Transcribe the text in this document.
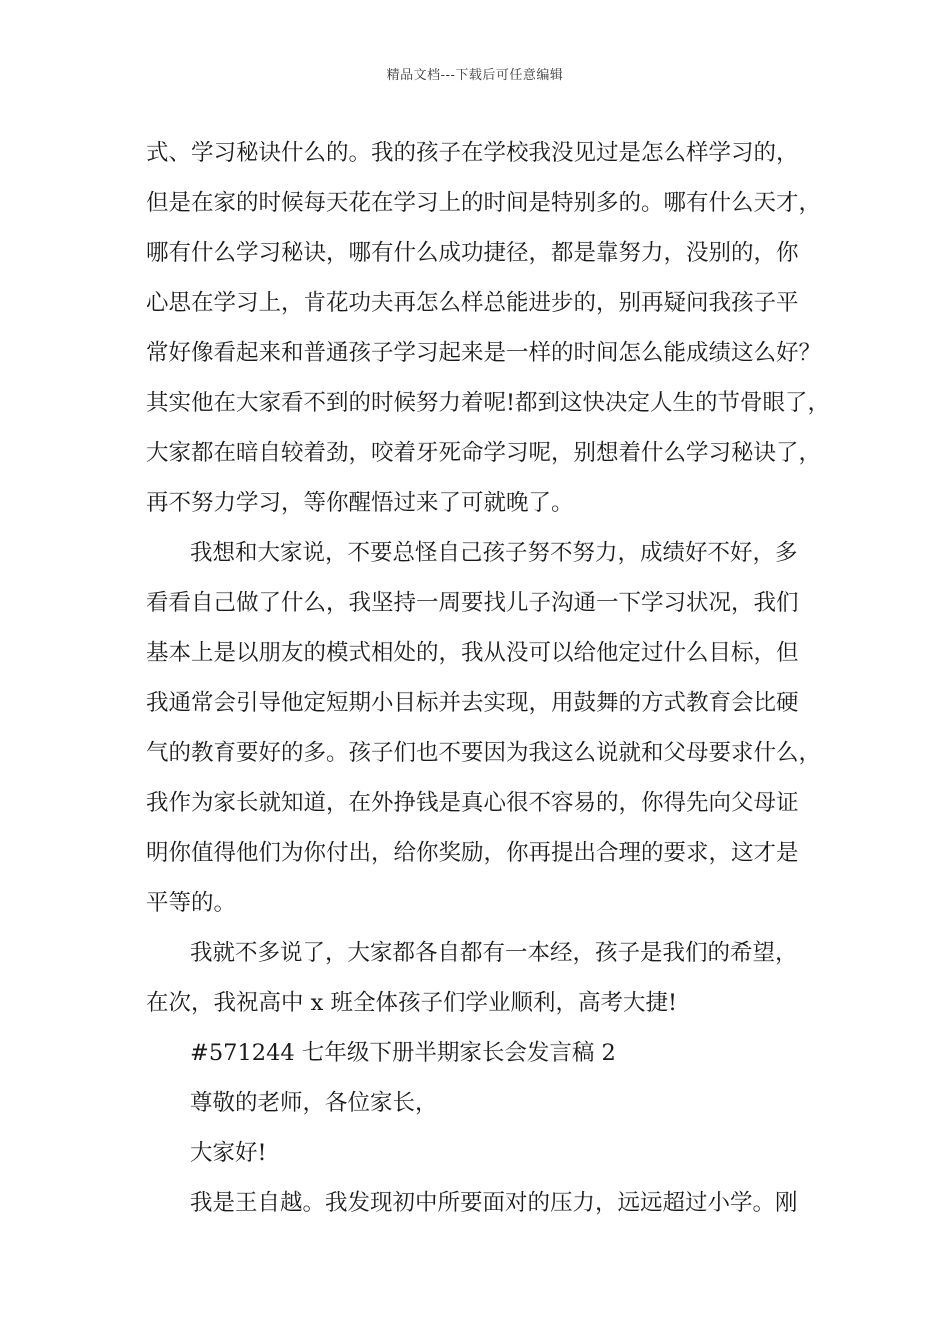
精品文档---下载后可任意编辑
式、学习秘诀什么的。我的孩子在学校我没见过是怎么样学习的，
但是在家的时候每天花在学习上的时间是特别多的。哪有什么天才，
哪有什么学习秘诀，哪有什么成功捷径，都是靠努力，没别的，你
心思在学习上，肯花功夫再怎么样总能进步的，别再疑问我孩子平
常好像看起来和普通孩子学习起来是一样的时间怎么能成绩这么好？
其实他在大家看不到的时候努力着呢!都到这快决定人生的节骨眼了，
大家都在暗自较着劲，咬着牙死命学习呢，别想着什么学习秘诀了，
再不努力学习，等你醒悟过来了可就晚了。
我想和大家说，不要总怪自己孩子努不努力，成绩好不好，多
看看自己做了什么，我坚持一周要找儿子沟通一下学习状况，我们
基本上是以朋友的模式相处的，我从没可以给他定过什么目标，但
我通常会引导他定短期小目标并去实现，用鼓舞的方式教育会比硬
气的教育要好的多。孩子们也不要因为我这么说就和父母要求什么，
我作为家长就知道，在外挣钱是真心很不容易的，你得先向父母证
明你值得他们为你付出，给你奖励，你再提出合理的要求，这才是
平等的。
我就不多说了，大家都各自都有一本经，孩子是我们的希望，
在次，我祝高中 x 班全体孩子们学业顺利，高考大捷!
#571244 七年级下册半期家长会发言稿 2
尊敬的老师，各位家长，
大家好!
我是王自越。我发现初中所要面对的压力，远远超过小学。刚
